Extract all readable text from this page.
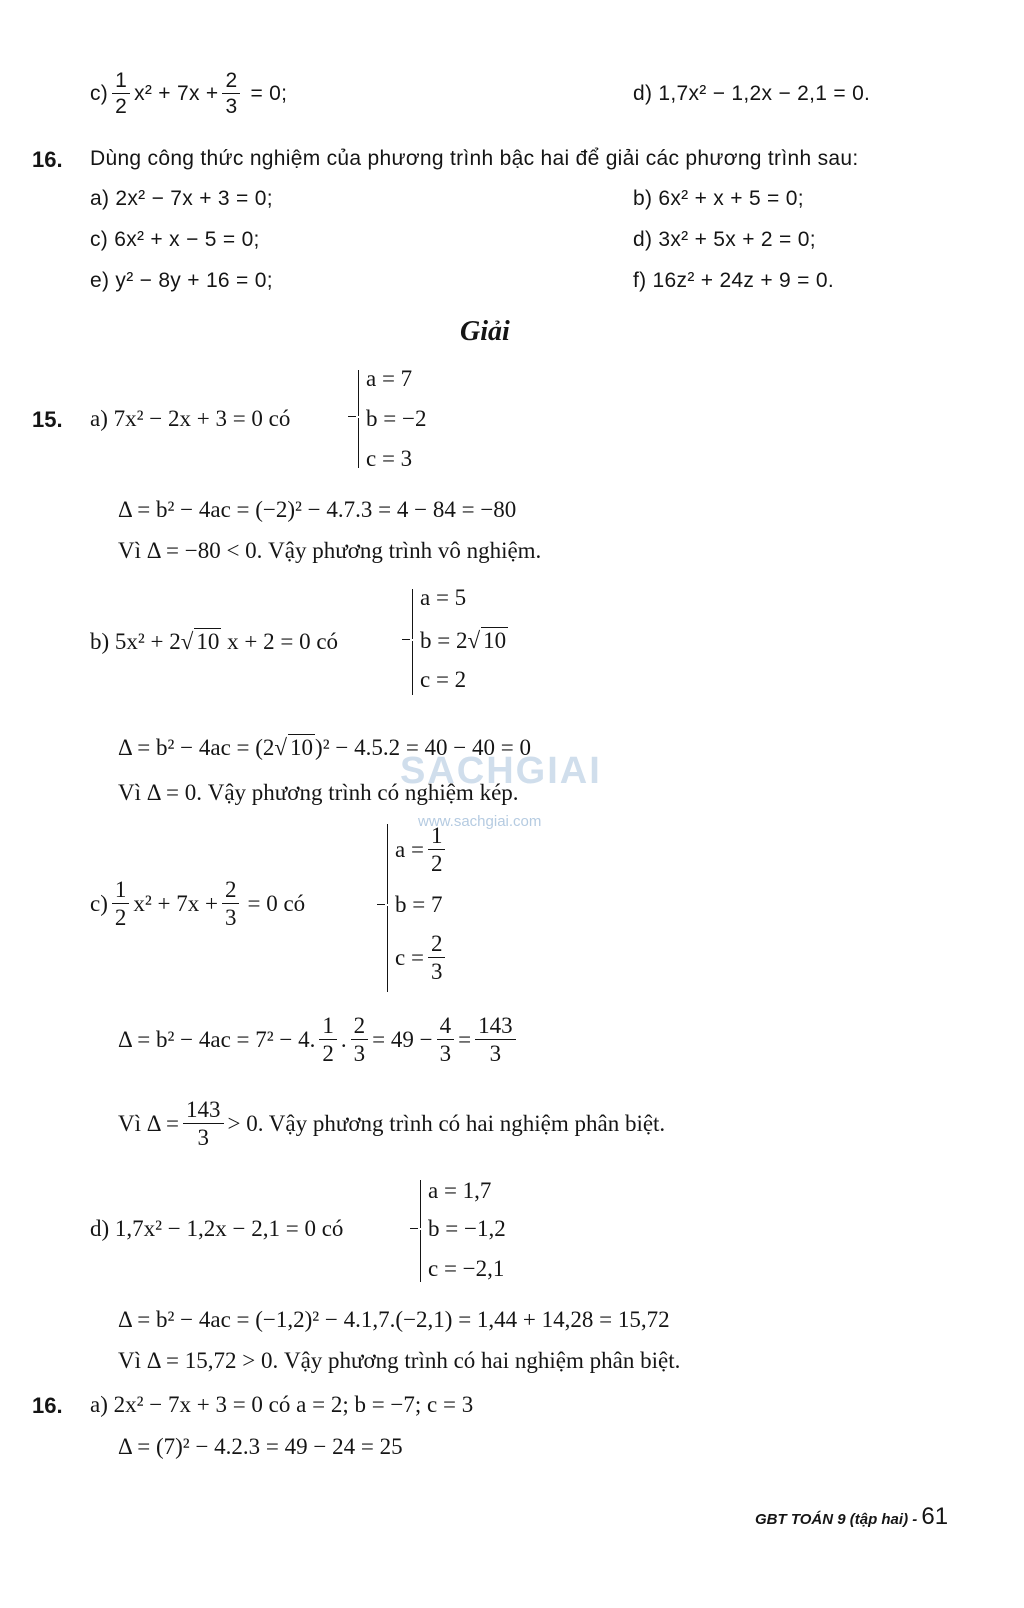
$c) \frac{1}{2} x^2 + 7x + \frac{2}{3} = 0$;	d) 1,7x² − 1,2x − 2,1 = 0.
16. Dùng công thức nghiệm của phương trình bậc hai để giải các phương trình sau:
a) 2x² − 7x + 3 = 0;	b) 6x² + x + 5 = 0;
c) 6x² + x − 5 = 0;	d) 3x² + 5x + 2 = 0;
e) y² − 8y + 16 = 0;	f) 16z² + 24z + 9 = 0.
Giải
15. a) 7x² − 2x + 3 = 0 có
a = 7
b = −2
c = 3
Δ = b² − 4ac = (−2)² − 4.7.3 = 4 − 84 = −80
Vì Δ = −80 < 0. Vậy phương trình vô nghiệm.
b) 5x² + 2√ 10 x + 2 = 0 có
a = 5
b = 2√ 10
c = 2
Δ = b² − 4ac = (2√ 10)² − 4.5.2 = 40 − 40 = 0
Vì Δ = 0. Vậy phương trình có nghiệm kép.
$c) \frac{1}{2} x^2 + 7x + \frac{2}{3} = 0$ có
$a = \frac{1}{2}$
b = 7
$c = \frac{2}{3}$
Δ = b² − 4ac = 7² − 4. $\frac{1}{2}$ . $\frac{2}{3} = 49 - \frac{4}{3} = \frac{143}{3}$
Vì $\Delta = \frac{143}{3} > 0$. Vậy phương trình có hai nghiệm phân biệt.
d) 1,7x² − 1,2x − 2,1 = 0 có
a = 1,7
b = −1,2
c = −2,1
Δ = b² − 4ac = (−1,2)² − 4.1,7.(−2,1) = 1,44 + 14,28 = 15,72
Vì Δ = 15,72 > 0. Vậy phương trình có hai nghiệm phân biệt.
16. a) 2x² − 7x + 3 = 0 có a = 2; b = −7; c = 3
Δ = (7)² − 4.2.3 = 49 − 24 = 25
SACHGIAI
www.sachgiai.com
GBT TOÁN 9 (tập hai) - 61
